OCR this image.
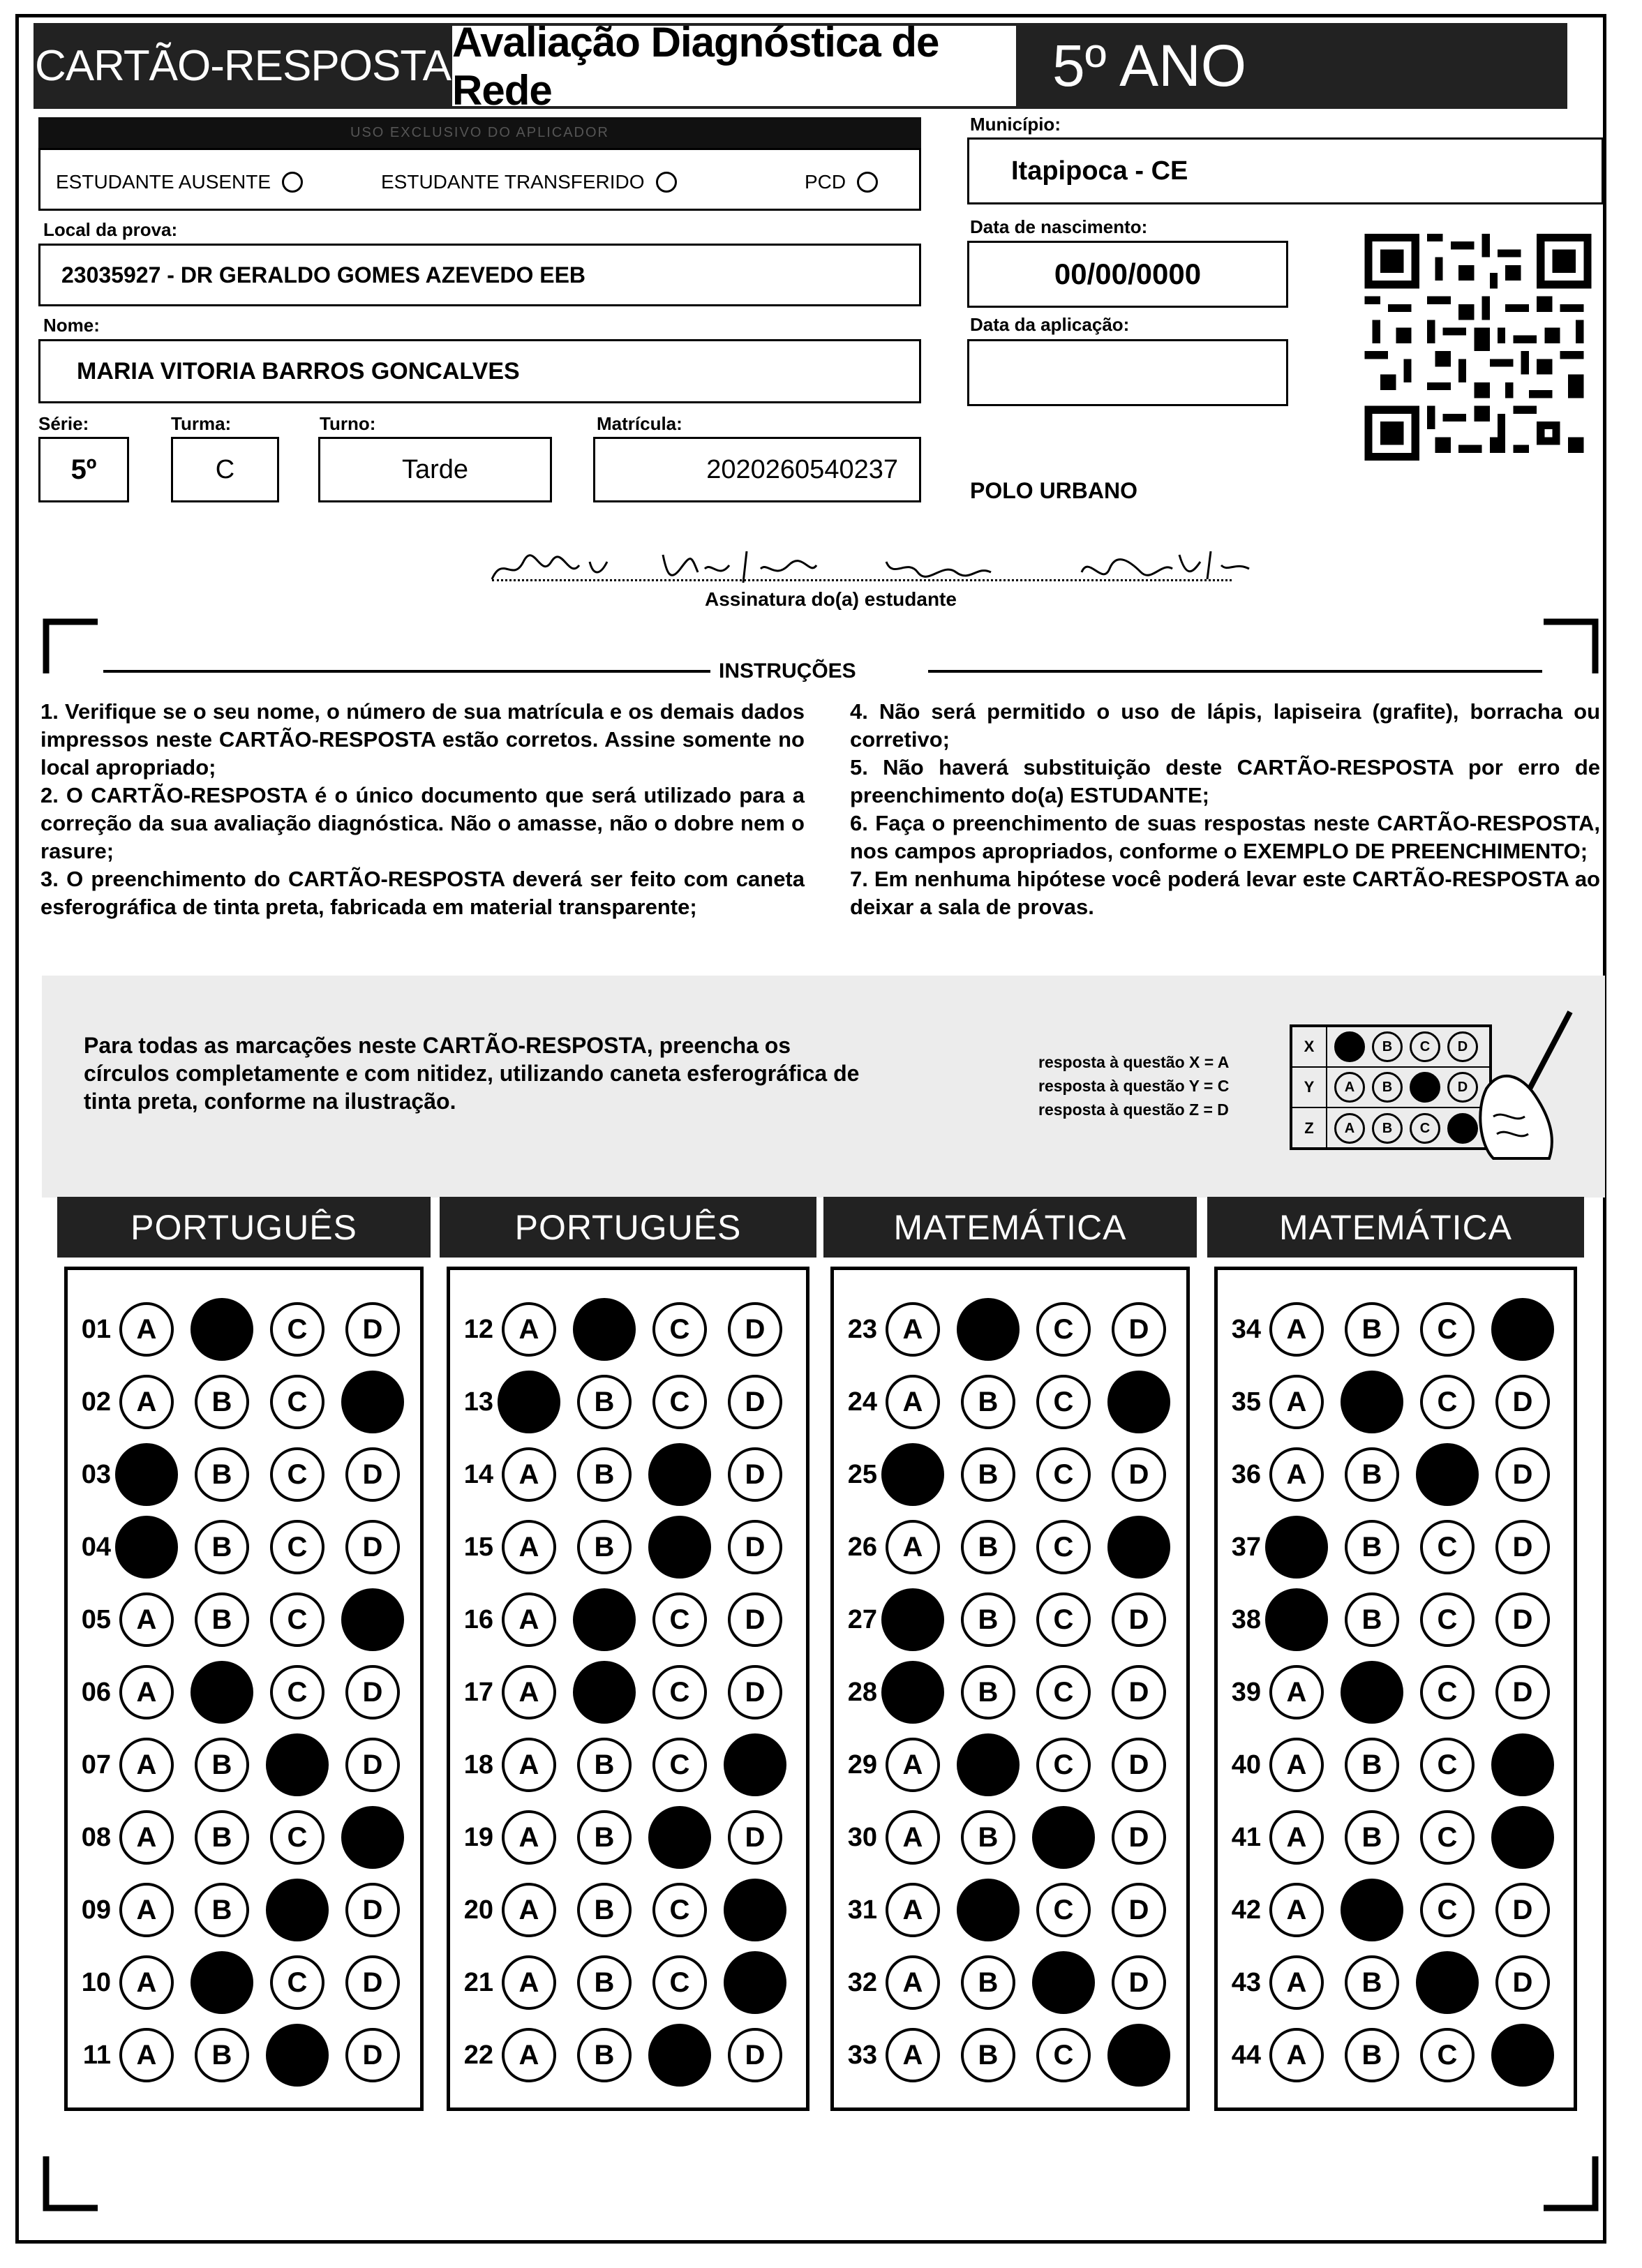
CARTÃO-RESPOSTA Avaliação Diagnóstica de Rede	5º ANO
USO EXCLUSIVO DO APLICADOR
ESTUDANTE AUSENTE	ESTUDANTE TRANSFERIDO	PCD
Local da prova:
23035927 - DR GERALDO GOMES AZEVEDO EEB
Nome:
MARIA VITORIA BARROS GONCALVES
Série:
5º
Turma:
C
Turno:
Tarde
Matrícula:
2020260540237
Município:
Itapipoca - CE
Data de nascimento:
00/00/0000
Data da aplicação:
POLO URBANO
Assinatura do(a) estudante
INSTRUÇÕES

1. Verifique se o seu nome, o número de sua matrícula e os demais dados impressos neste CARTÃO-RESPOSTA estão corretos. Assine somente no local apropriado;

2. O CARTÃO-RESPOSTA é o único documento que será utilizado para a correção da sua avaliação diagnóstica. Não o amasse, não o dobre nem o rasure;

3. O preenchimento do CARTÃO-RESPOSTA deverá ser feito com caneta esferográfica de tinta preta, fabricada em material transparente;

4. Não será permitido o uso de lápis, lapiseira (grafite), borracha ou corretivo;

5. Não haverá substituição deste CARTÃO-RESPOSTA por erro de preenchimento do(a) ESTUDANTE;

6. Faça o preenchimento de suas respostas neste CARTÃO-RESPOSTA, nos campos apropriados, conforme o EXEMPLO DE PREENCHIMENTO;

7. Em nenhuma hipótese você poderá levar este CARTÃO-RESPOSTA ao deixar a sala de provas.

Para todas as marcações neste CARTÃO-RESPOSTA, preencha os círculos completamente e com nitidez, utilizando caneta esferográfica de tinta preta, conforme na ilustração.
resposta à questão X = A
resposta à questão Y = C
resposta à questão Z = D
X	B	C	D
Y	A	B	D
Z	A	B	C
PORTUGUÊS
01 A	C	D
02 A	B	C
03	B	C	D
04	B	C	D
05 A	B	C
06 A	C	D
07 A	B	D
08 A	B	C
09 A	B	D
10 A	C	D
11 A	B	D
PORTUGUÊS
12 A	C	D
13	B	C	D
14 A	B	D
15 A	B	D
16 A	C	D
17 A	C	D
18 A	B	C
19 A	B	D
20 A	B	C
21 A	B	C
22 A	B	D
MATEMÁTICA
23 A	C	D
24 A	B	C
25	B	C	D
26 A	B	C
27	B	C	D
28	B	C	D
29 A	C	D
30 A	B	D
31 A	C	D
32 A	B	D
33 A	B	C
MATEMÁTICA
34 A	B	C
35 A	C	D
36 A	B	D
37	B	C	D
38	B	C	D
39 A	C	D
40 A	B	C
41 A	B	C
42 A	C	D
43 A	B	D
44 A	B	C
